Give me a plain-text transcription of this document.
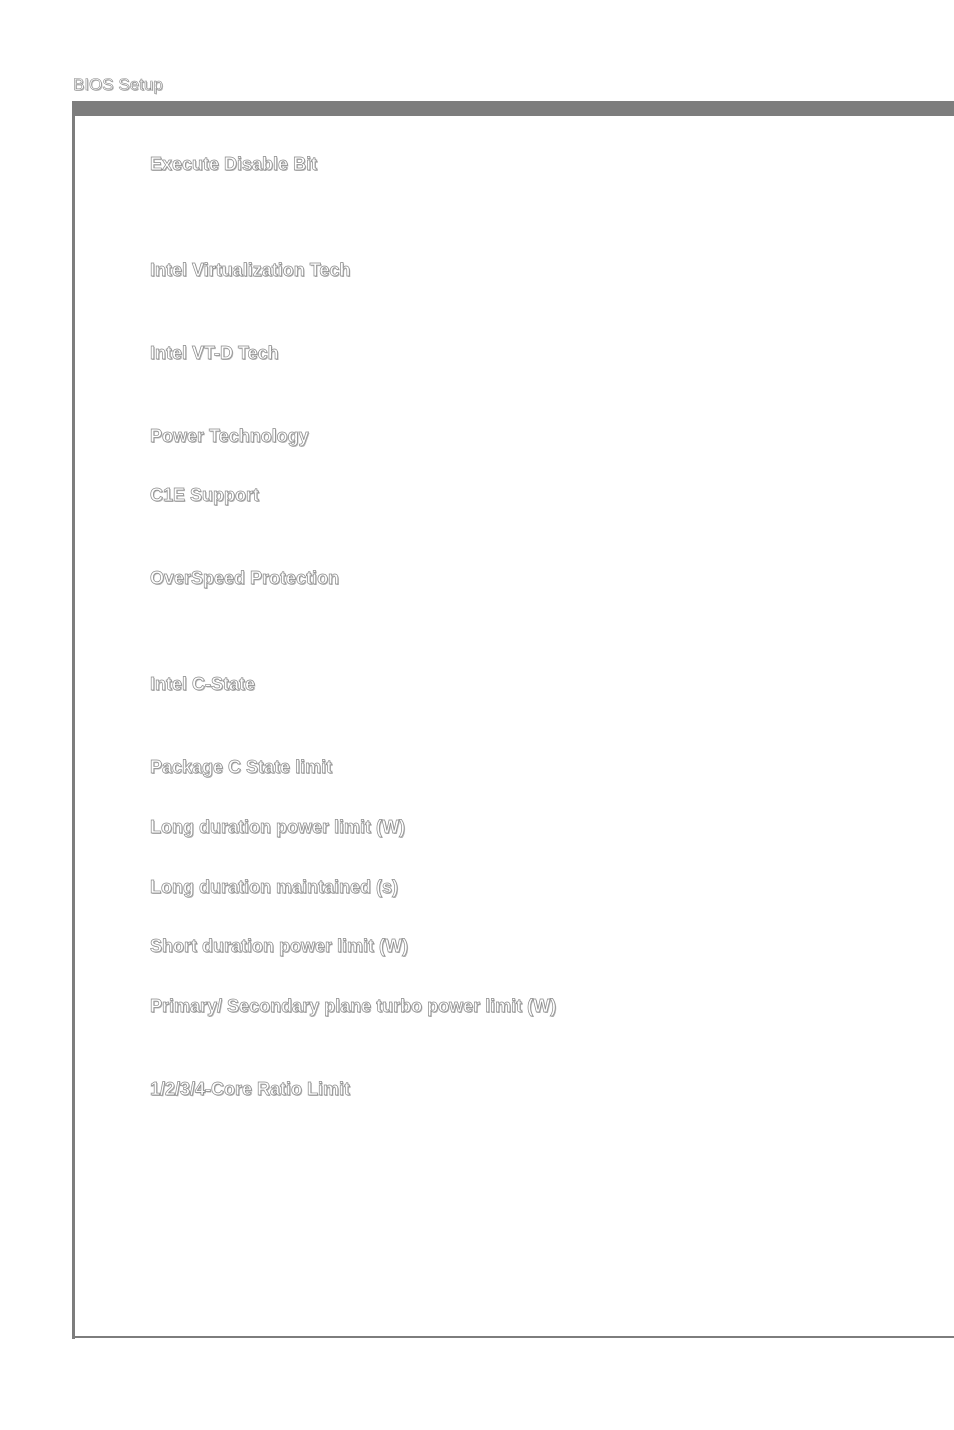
BIOS Setup
Execute Disable Bit
Intel Virtualization Tech
Intel VT-D Tech
Power Technology
C1E Support
OverSpeed Protection
Intel C-State
Package C State limit
Long duration power limit (W)
Long duration maintained (s)
Short duration power limit (W)
Primary/ Secondary plane turbo power limit (W)
1/2/3/4-Core Ratio Limit
